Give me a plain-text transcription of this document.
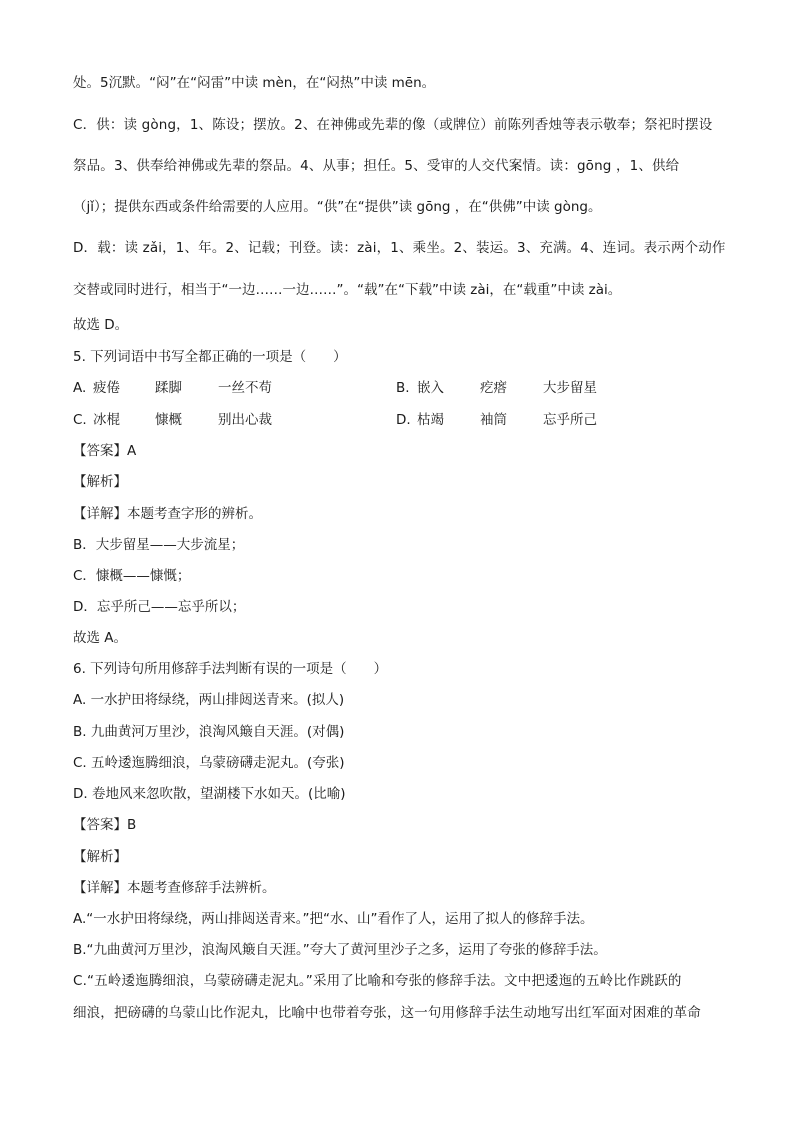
处。5沉默。“闷”在“闷雷”中读 mèn，在“闷热”中读 mēn。
C．供：读 gòng，1、陈设；摆放。2、在神佛或先辈的像（或牌位）前陈列香烛等表示敬奉；祭祀时摆设
祭品。3、供奉给神佛或先辈的祭品。4、从事；担任。5、受审的人交代案情。读：gōng ，1、供给
（jǐ）；提供东西或条件给需要的人应用。“供”在“提供”读 gōng ，在“供佛”中读 gòng。
D．载：读 zǎi，1、年。2、记载；刊登。读：zài，1、乘坐。2、装运。3、充满。4、连词。表示两个动作
交替或同时进行，相当于“一边……一边……”。“载”在“下载”中读 zài，在“载重”中读 zài。
故选 D。
5. 下列词语中书写全都正确的一项是（　　）
A. 疲倦	蹂脚	一丝不苟	B. 嵌入	疙瘩	大步留星
C. 冰棍	慷概	别出心裁	D. 枯竭	袖筒	忘乎所己
【答案】A
【解析】
【详解】本题考查字形的辨析。
B．大步留星——大步流星；
C．慷概——慷慨；
D．忘乎所己——忘乎所以；
故选 A。
6. 下列诗句所用修辞手法判断有误的一项是（　　）
A. 一水护田将绿绕，两山排闼送青来。(拟人)
B. 九曲黄河万里沙，浪淘风簸自天涯。(对偶)
C. 五岭逶迤腾细浪，乌蒙磅礴走泥丸。(夸张)
D. 卷地风来忽吹散，望湖楼下水如天。(比喻)
【答案】B
【解析】
【详解】本题考查修辞手法辨析。
A.“一水护田将绿绕，两山排闼送青来。”把“水、山”看作了人，运用了拟人的修辞手法。
B.“九曲黄河万里沙，浪淘风簸自天涯。”夸大了黄河里沙子之多，运用了夸张的修辞手法。
C.“五岭逶迤腾细浪，乌蒙磅礴走泥丸。”采用了比喻和夸张的修辞手法。文中把逶迤的五岭比作跳跃的
细浪，把磅礴的乌蒙山比作泥丸，比喻中也带着夸张，这一句用修辞手法生动地写出红军面对困难的革命
